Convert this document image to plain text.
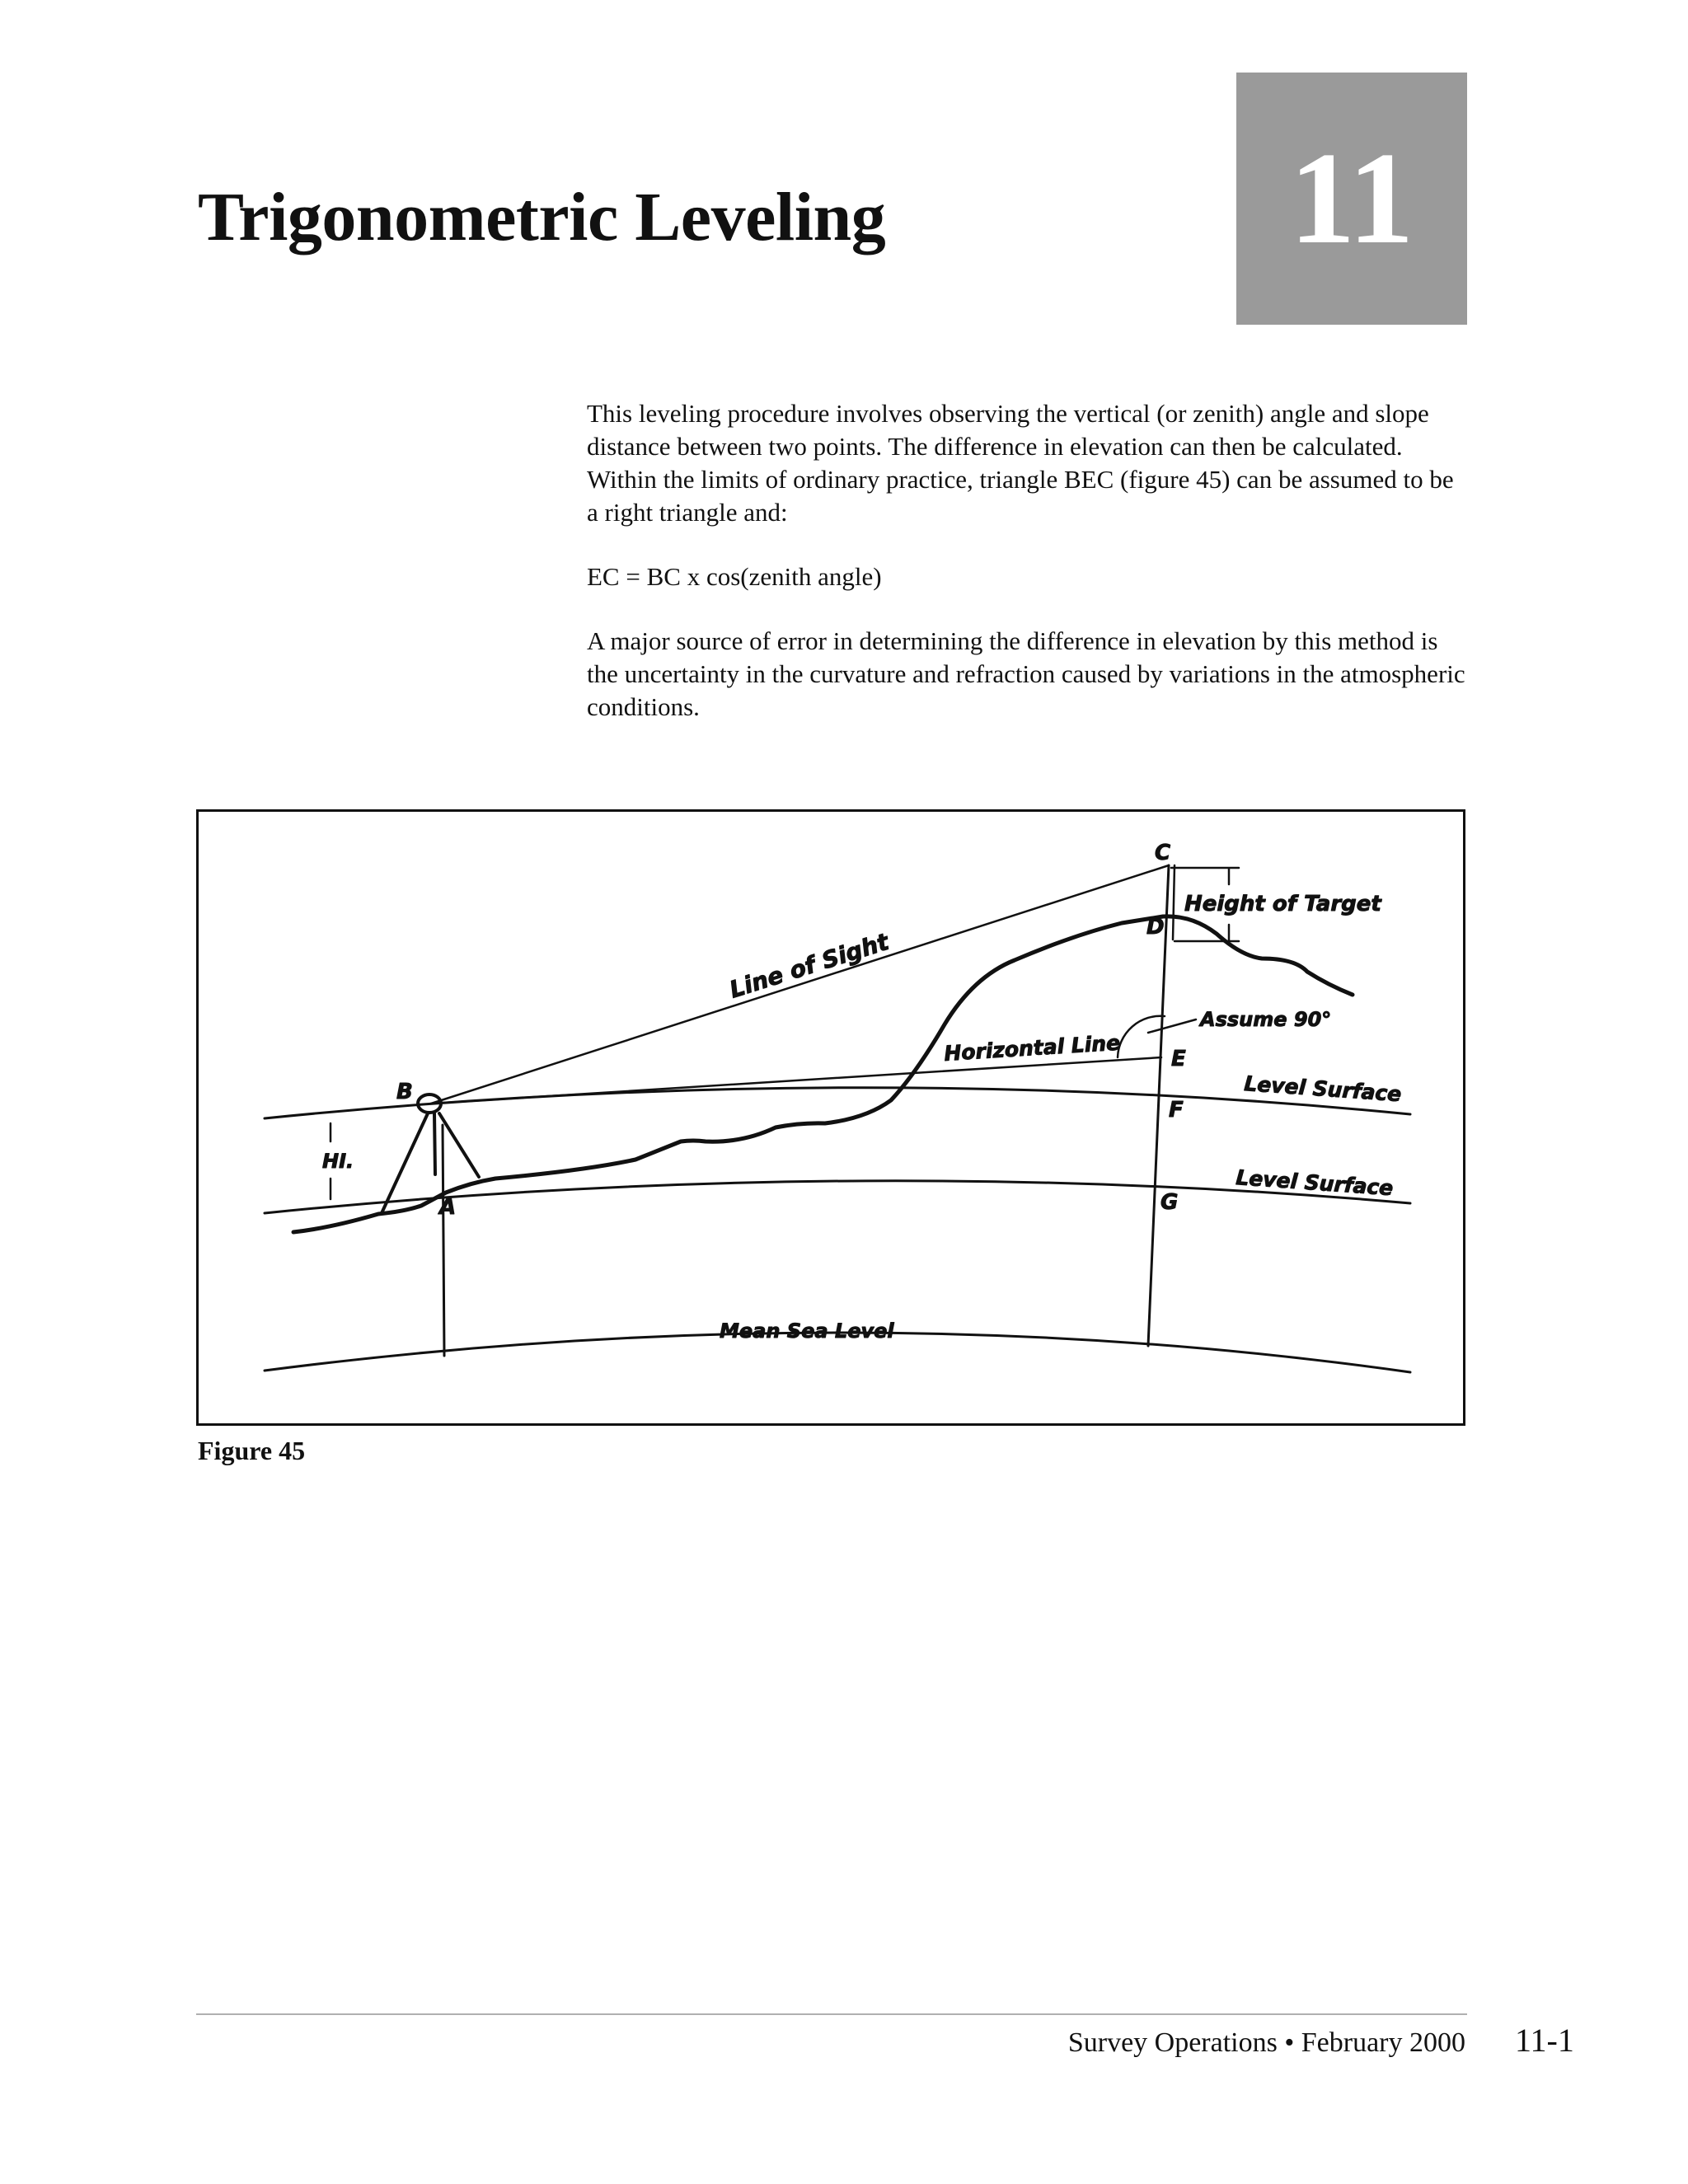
Trigonometric Leveling	11

This leveling procedure involves observing the vertical (or zenith) angle and slope distance between two points. The difference in elevation can then be calculated. Within the limits of ordinary practice, triangle BEC (figure 45) can be assumed to be a right triangle and:

EC = BC x cos(zenith angle)

A major source of error in determining the difference in elevation by this method is the uncertainty in the curvature and refraction caused by variations in the atmospheric conditions.

C
D
E
F
G
B
A
HI.
Height of Target
Line of Sight
Horizontal Line
Assume 90°
Level Surface
Level Surface
Mean Sea Level
Figure 45
Survey Operations • February 2000 11-1
